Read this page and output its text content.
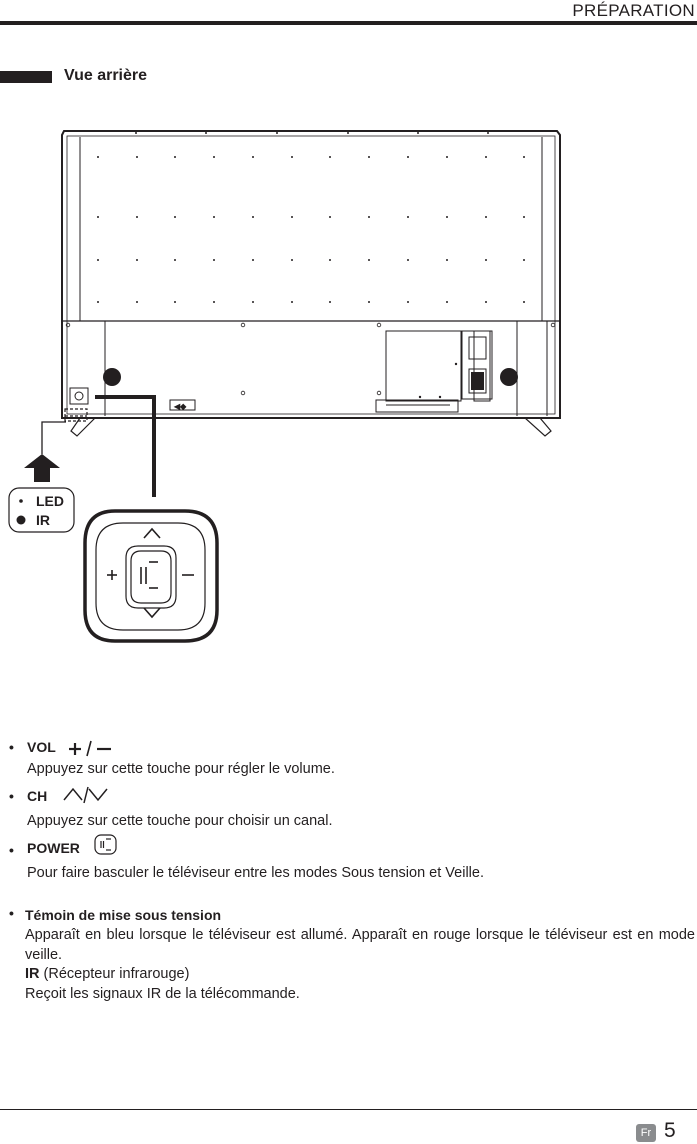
PRÉPARATION
Vue arrière
◀◆
LED
IR
• VOL
Appuyez sur cette touche pour régler le volume.
• CH
Appuyez sur cette touche pour choisir un canal.
• POWER
Pour faire basculer le téléviseur entre les modes Sous tension et Veille.
• Témoin de mise sous tension
Apparaît en bleu lorsque le téléviseur est allumé. Apparaît en rouge lorsque le téléviseur est en mode veille.
IR (Récepteur infrarouge)
Reçoit les signaux IR de la télécommande.
Fr 5
